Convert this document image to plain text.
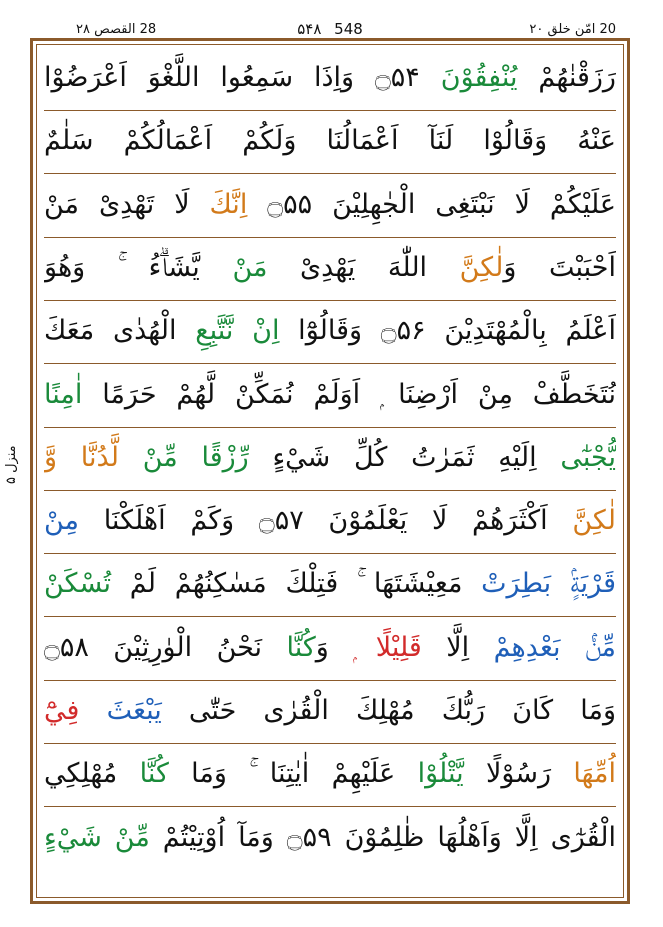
28 القصص ۲۸	۵۴۸ 548	20 امّن خلق ۲۰
منزل ۵
رَزَقْنٰهُمْ يُنْفِقُوْنَ ۝۵۴ وَاِذَا سَمِعُوا اللَّغْوَ اَعْرَضُوْا
عَنْهُ وَقَالُوْا لَنَآ اَعْمَالُنَا وَلَكُمْ اَعْمَالُكُمْ سَلٰمٌ
عَلَيْكُمْ لَا نَبْتَغِى الْجٰهِلِيْنَ ۝۵۵ اِنَّكَ لَا تَهْدِىْ مَنْ
اَحْبَبْتَ وَلٰكِنَّ اللّٰهَ يَهْدِىْ مَنْ يَّشَاۗءُ ۚ وَهُوَ
اَعْلَمُ بِالْمُهْتَدِيْنَ ۝۵۶ وَقَالُوْٓا اِنْ نَّتَّبِعِ الْهُدٰى مَعَكَ
نُتَخَطَّفْ مِنْ اَرْضِنَا ۭ اَوَلَمْ نُمَكِّنْ لَّهُمْ حَرَمًا اٰمِنًا
يُّجْبٰٓى اِلَيْهِ ثَمَرٰتُ كُلِّ شَيْءٍ رِّزْقًا مِّنْ لَّدُنَّا وَّ
لٰكِنَّ اَكْثَرَهُمْ لَا يَعْلَمُوْنَ ۝۵۷ وَكَمْ اَهْلَكْنَا مِنْ
قَرْيَةٍۢ بَطِرَتْ مَعِيْشَتَهَا ۚ فَتِلْكَ مَسٰكِنُهُمْ لَمْ تُسْكَنْ
مِّنْۢ بَعْدِهِمْ اِلَّا قَلِيْلًا ۭ وَكُنَّا نَحْنُ الْوٰرِثِيْنَ ۝۵۸
وَمَا كَانَ رَبُّكَ مُهْلِكَ الْقُرٰى حَتّٰى يَبْعَثَ فِيْٓ
اُمِّهَا رَسُوْلًا يَّتْلُوْا عَلَيْهِمْ اٰيٰتِنَا ۚ وَمَا كُنَّا مُهْلِكِي
الْقُرٰٓى اِلَّا وَاَهْلُهَا ظٰلِمُوْنَ ۝۵۹ وَمَآ اُوْتِيْتُمْ مِّنْ شَيْءٍ
